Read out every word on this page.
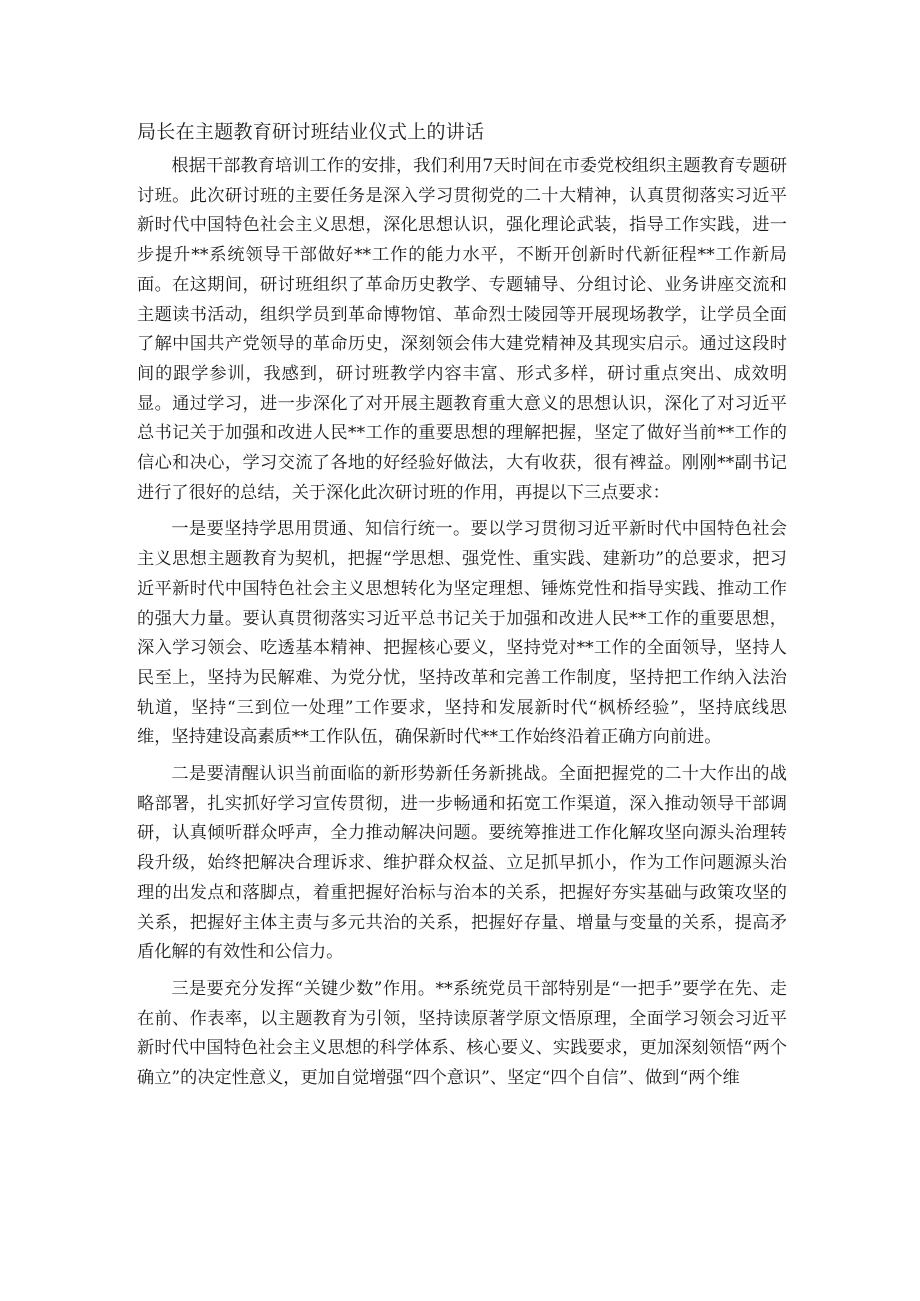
局长在主题教育研讨班结业仪式上的讲话

根据干部教育培训工作的安排，我们利用7天时间在市委党校组织主题教育专题研讨班。此次研讨班的主要任务是深入学习贯彻党的二十大精神，认真贯彻落实习近平新时代中国特色社会主义思想，深化思想认识，强化理论武装，指导工作实践，进一步提升**系统领导干部做好**工作的能力水平，不断开创新时代新征程**工作新局面。在这期间，研讨班组织了革命历史教学、专题辅导、分组讨论、业务讲座交流和主题读书活动，组织学员到革命博物馆、革命烈士陵园等开展现场教学，让学员全面了解中国共产党领导的革命历史，深刻领会伟大建党精神及其现实启示。通过这段时间的跟学参训，我感到，研讨班教学内容丰富、形式多样，研讨重点突出、成效明显。通过学习，进一步深化了对开展主题教育重大意义的思想认识，深化了对习近平总书记关于加强和改进人民**工作的重要思想的理解把握，坚定了做好当前**工作的信心和决心，学习交流了各地的好经验好做法，大有收获，很有裨益。刚刚**副书记进行了很好的总结，关于深化此次研讨班的作用，再提以下三点要求：

一是要坚持学思用贯通、知信行统一。要以学习贯彻习近平新时代中国特色社会主义思想主题教育为契机，把握“学思想、强党性、重实践、建新功”的总要求，把习近平新时代中国特色社会主义思想转化为坚定理想、锤炼党性和指导实践、推动工作的强大力量。要认真贯彻落实习近平总书记关于加强和改进人民**工作的重要思想，深入学习领会、吃透基本精神、把握核心要义，坚持党对**工作的全面领导，坚持人民至上，坚持为民解难、为党分忧，坚持改革和完善工作制度，坚持把工作纳入法治轨道，坚持“三到位一处理”工作要求，坚持和发展新时代“枫桥经验”，坚持底线思维，坚持建设高素质**工作队伍，确保新时代**工作始终沿着正确方向前进。

二是要清醒认识当前面临的新形势新任务新挑战。全面把握党的二十大作出的战略部署，扎实抓好学习宣传贯彻，进一步畅通和拓宽工作渠道，深入推动领导干部调研，认真倾听群众呼声，全力推动解决问题。要统筹推进工作化解攻坚向源头治理转段升级，始终把解决合理诉求、维护群众权益、立足抓早抓小，作为工作问题源头治理的出发点和落脚点，着重把握好治标与治本的关系，把握好夯实基础与政策攻坚的关系，把握好主体主责与多元共治的关系，把握好存量、增量与变量的关系，提高矛盾化解的有效性和公信力。

三是要充分发挥“关键少数”作用。**系统党员干部特别是“一把手”要学在先、走在前、作表率，以主题教育为引领，坚持读原著学原文悟原理，全面学习领会习近平新时代中国特色社会主义思想的科学体系、核心要义、实践要求，更加深刻领悟“两个确立”的决定性意义，更加自觉增强“四个意识”、坚定“四个自信”、做到“两个维
